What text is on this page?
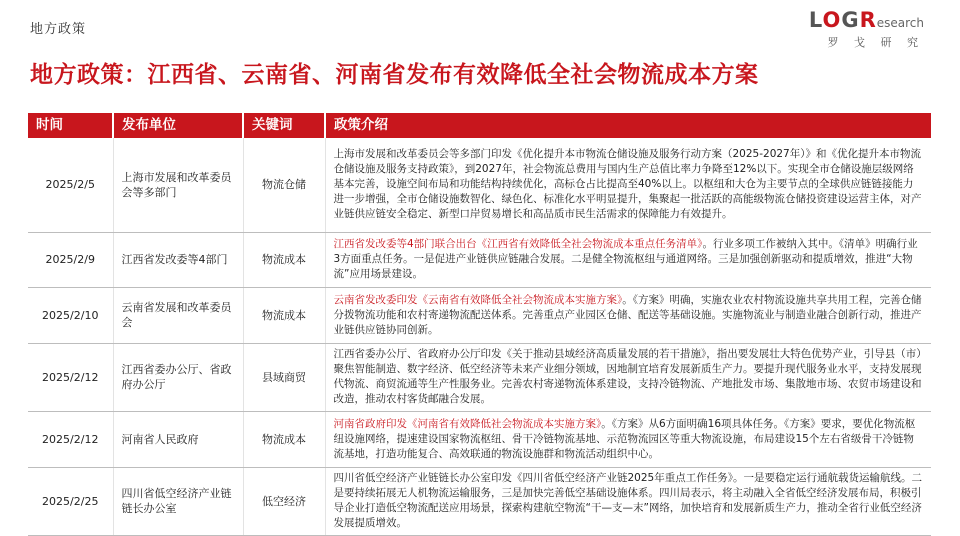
地方政策	LOGResearch
罗 戈 研 究
地方政策：江西省、云南省、河南省发布有效降低全社会物流成本方案
时间	发布单位	关键词	政策介绍
2025/2/5	上海市发展和改革委员会等多部门	物流仓储	上海市发展和改革委员会等多部门印发《优化提升本市物流仓储设施及服务行动方案（2025-2027年）》和《优化提升本市物流仓储设施及服务支持政策》，到2027年，社会物流总费用与国内生产总值比率力争降至12%以下。实现全市仓储设施层级网络基本完善，设施空间布局和功能结构持续优化，高标仓占比提高至40%以上。以枢纽和大仓为主要节点的全球供应链链接能力进一步增强，全市仓储设施数智化、绿色化、标准化水平明显提升，集聚起一批活跃的高能级物流仓储投资建设运营主体，对产业链供应链安全稳定、新型口岸贸易增长和高品质市民生活需求的保障能力有效提升。
2025/2/9	江西省发改委等4部门	物流成本	江西省发改委等4部门联合出台《江西省有效降低全社会物流成本重点任务清单》。行业多项工作被纳入其中。《清单》明确行业3方面重点任务。一是促进产业链供应链融合发展。二是健全物流枢纽与通道网络。三是加强创新驱动和提质增效，推进“大物流”应用场景建设。
2025/2/10	云南省发展和改革委员会	物流成本	云南省发改委印发《云南省有效降低全社会物流成本实施方案》。《方案》明确，实施农业农村物流设施共享共用工程，完善仓储分拨物流功能和农村寄递物流配送体系。完善重点产业园区仓储、配送等基础设施。实施物流业与制造业融合创新行动，推进产业链供应链协同创新。
2025/2/12	江西省委办公厅、省政府办公厅	县域商贸	江西省委办公厅、省政府办公厅印发《关于推动县域经济高质量发展的若干措施》，指出要发展壮大特色优势产业，引导县（市）聚焦智能制造、数字经济、低空经济等未来产业细分领域，因地制宜培育发展新质生产力。要提升现代服务业水平，支持发展现代物流、商贸流通等生产性服务业。完善农村寄递物流体系建设，支持冷链物流、产地批发市场、集散地市场、农贸市场建设和改造，推动农村客货邮融合发展。
2025/2/12	河南省人民政府	物流成本	河南省政府印发《河南省有效降低社会物流成本实施方案》。《方案》从6方面明确16项具体任务。《方案》要求，要优化物流枢纽设施网络，提速建设国家物流枢纽、骨干冷链物流基地、示范物流园区等重大物流设施，布局建设15个左右省级骨干冷链物流基地，打造功能复合、高效联通的物流设施群和物流活动组织中心。
2025/2/25	四川省低空经济产业链链长办公室	低空经济	四川省低空经济产业链链长办公室印发《四川省低空经济产业链2025年重点工作任务》。一是要稳定运行通航载货运输航线。二是要持续拓展无人机物流运输服务，三是加快完善低空基础设施体系。四川局表示，将主动融入全省低空经济发展布局，积极引导企业打造低空物流配送应用场景，探索构建航空物流“干—支—末”网络，加快培育和发展新质生产力，推动全省行业低空经济发展提质增效。
